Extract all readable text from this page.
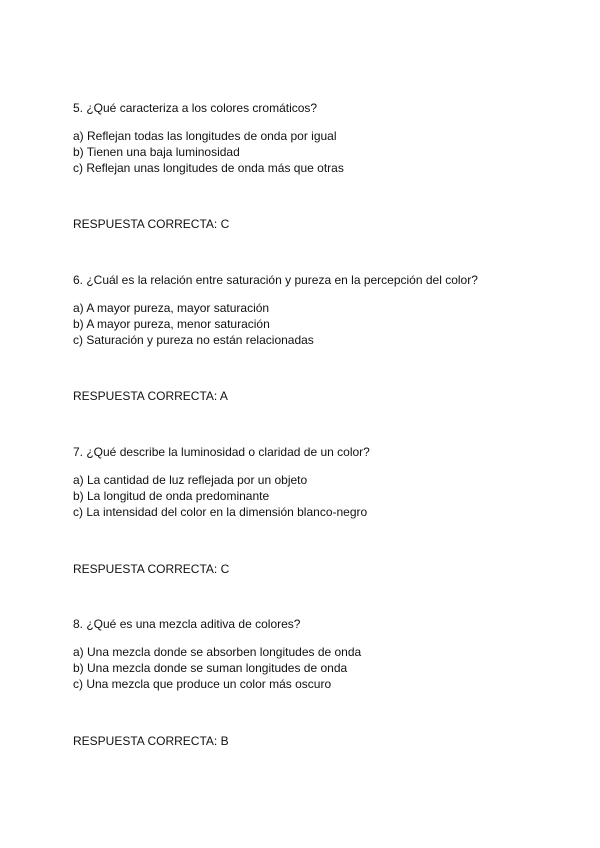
5. ¿Qué caracteriza a los colores cromáticos?
a) Reflejan todas las longitudes de onda por igual
b) Tienen una baja luminosidad
c) Reflejan unas longitudes de onda más que otras
RESPUESTA CORRECTA: C
6. ¿Cuál es la relación entre saturación y pureza en la percepción del color?
a) A mayor pureza, mayor saturación
b) A mayor pureza, menor saturación
c) Saturación y pureza no están relacionadas
RESPUESTA CORRECTA: A
7. ¿Qué describe la luminosidad o claridad de un color?
a) La cantidad de luz reflejada por un objeto
b) La longitud de onda predominante
c) La intensidad del color en la dimensión blanco-negro
RESPUESTA CORRECTA: C
8. ¿Qué es una mezcla aditiva de colores?
a) Una mezcla donde se absorben longitudes de onda
b) Una mezcla donde se suman longitudes de onda
c) Una mezcla que produce un color más oscuro
RESPUESTA CORRECTA: B
